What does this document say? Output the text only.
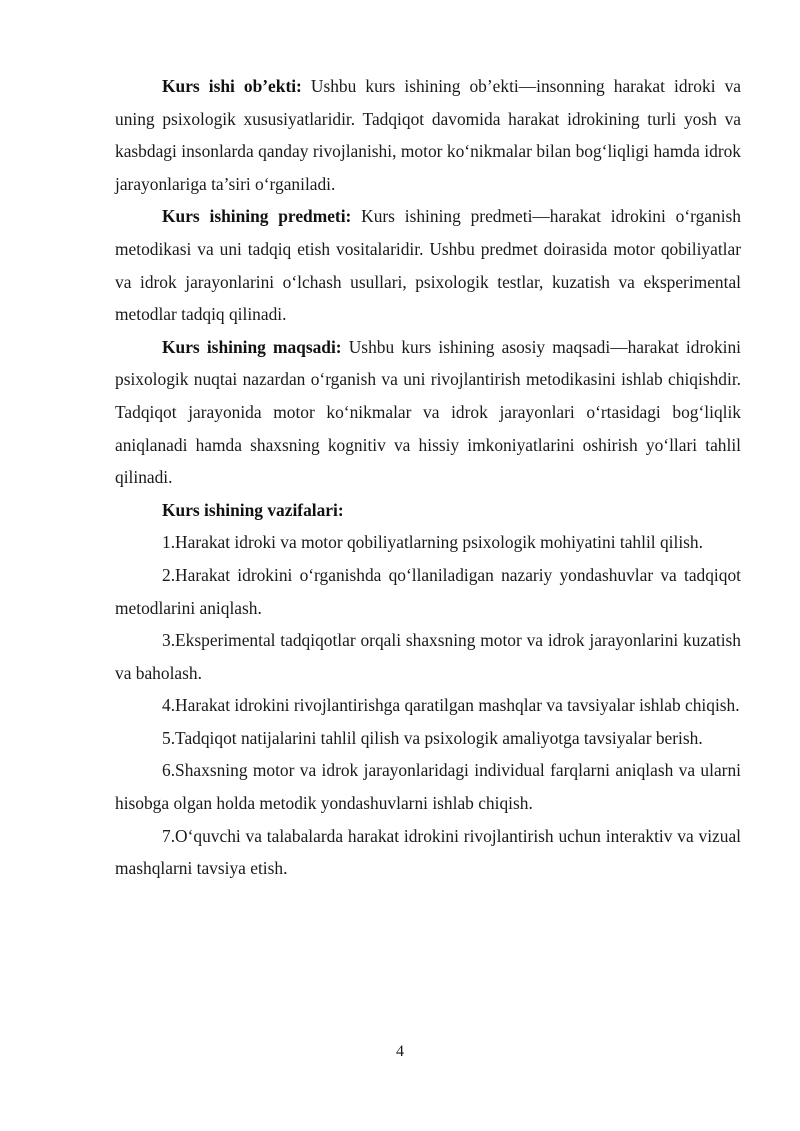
Kurs ishi ob’ekti: Ushbu kurs ishining ob’ekti—insonning harakat idroki va uning psixologik xususiyatlaridir. Tadqiqot davomida harakat idrokining turli yosh va kasbdagi insonlarda qanday rivojlanishi, motor ko‘nikmalar bilan bog‘liqligi hamda idrok jarayonlariga ta’siri o‘rganiladi.

Kurs ishining predmeti: Kurs ishining predmeti—harakat idrokini o‘rganish metodikasi va uni tadqiq etish vositalaridir. Ushbu predmet doirasida motor qobiliyatlar va idrok jarayonlarini o‘lchash usullari, psixologik testlar, kuzatish va eksperimental metodlar tadqiq qilinadi.

Kurs ishining maqsadi: Ushbu kurs ishining asosiy maqsadi—harakat idrokini psixologik nuqtai nazardan o‘rganish va uni rivojlantirish metodikasini ishlab chiqishdir. Tadqiqot jarayonida motor ko‘nikmalar va idrok jarayonlari o‘rtasidagi bog‘liqlik aniqlanadi hamda shaxsning kognitiv va hissiy imkoniyatlarini oshirish yo‘llari tahlil qilinadi.

Kurs ishining vazifalari:

1.Harakat idroki va motor qobiliyatlarning psixologik mohiyatini tahlil qilish.

2.Harakat idrokini o‘rganishda qo‘llaniladigan nazariy yondashuvlar va tadqiqot metodlarini aniqlash.

3.Eksperimental tadqiqotlar orqali shaxsning motor va idrok jarayonlarini kuzatish va baholash.

4.Harakat idrokini rivojlantirishga qaratilgan mashqlar va tavsiyalar ishlab chiqish.

5.Tadqiqot natijalarini tahlil qilish va psixologik amaliyotga tavsiyalar berish.

6.Shaxsning motor va idrok jarayonlaridagi individual farqlarni aniqlash va ularni hisobga olgan holda metodik yondashuvlarni ishlab chiqish.

7.O‘quvchi va talabalarda harakat idrokini rivojlantirish uchun interaktiv va vizual mashqlarni tavsiya etish.

4
